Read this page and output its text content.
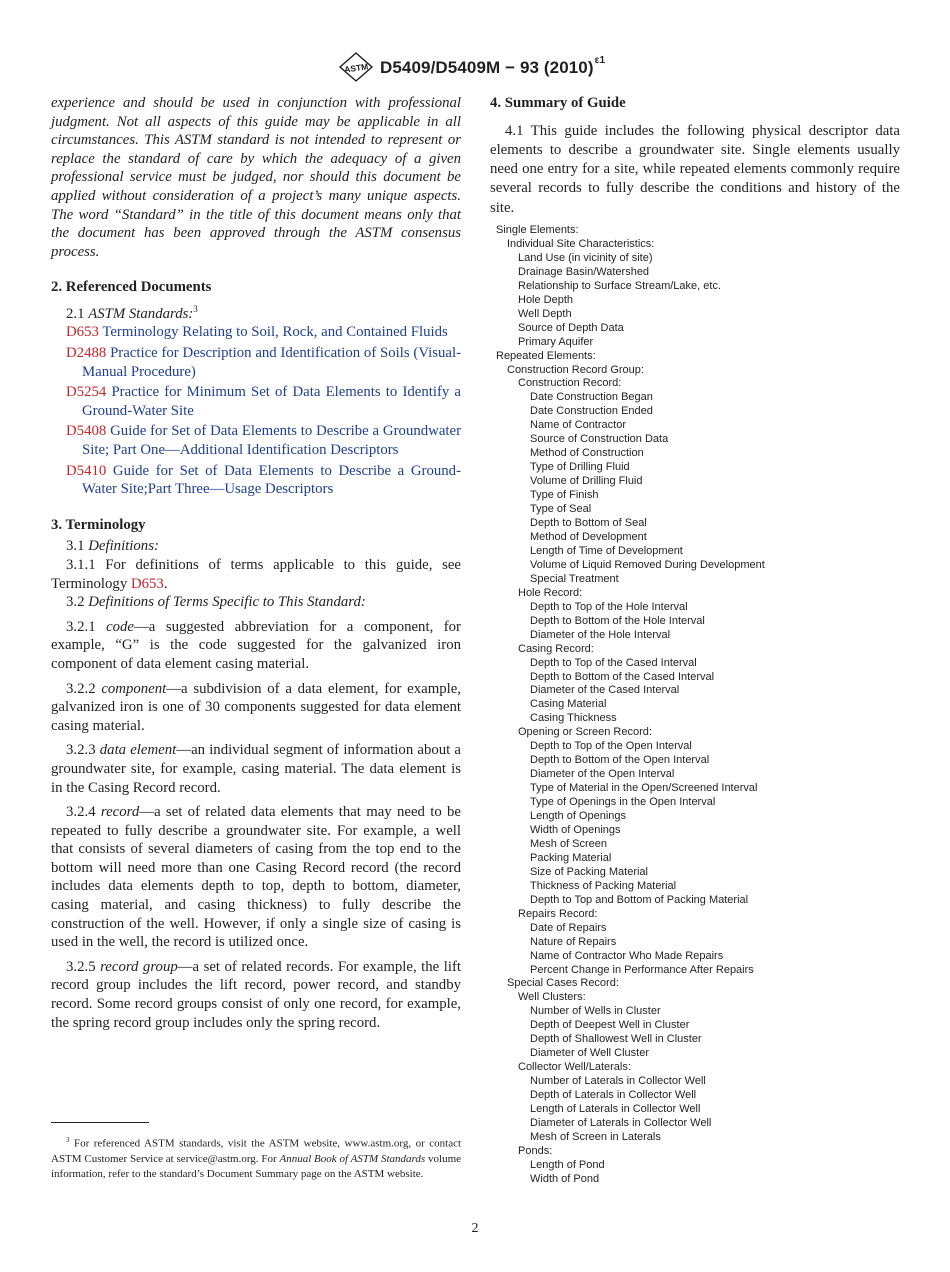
ASTM D5409/D5409M − 93 $(2010)^{\varepsilon 1}$

experience and should be used in conjunction with professional judgment. Not all aspects of this guide may be applicable in all circumstances. This ASTM standard is not intended to represent or replace the standard of care by which the adequacy of a given professional service must be judged, nor should this document be applied without consideration of a project’s many unique aspects. The word “Standard” in the title of this document means only that the document has been approved through the ASTM consensus process.

2. Referenced Documents

2.1 ASTM Standards:$^3$

D653 Terminology Relating to Soil, Rock, and Contained Fluids

D2488 Practice for Description and Identification of Soils (Visual-Manual Procedure)

D5254 Practice for Minimum Set of Data Elements to Identify a Ground-Water Site

D5408 Guide for Set of Data Elements to Describe a Groundwater Site; Part One—Additional Identification Descriptors

D5410 Guide for Set of Data Elements to Describe a Ground-Water Site;Part Three—Usage Descriptors

3. Terminology

3.1 Definitions:

3.1.1 For definitions of terms applicable to this guide, see Terminology D653.

3.2 Definitions of Terms Specific to This Standard:

3.2.1 code—a suggested abbreviation for a component, for example, “G” is the code suggested for the galvanized iron component of data element casing material.

3.2.2 component—a subdivision of a data element, for example, galvanized iron is one of 30 components suggested for data element casing material.

3.2.3 data element—an individual segment of information about a groundwater site, for example, casing material. The data element is in the Casing Record record.

3.2.4 record—a set of related data elements that may need to be repeated to fully describe a groundwater site. For example, a well that consists of several diameters of casing from the top end to the bottom will need more than one Casing Record record (the record includes data elements depth to top, depth to bottom, diameter, casing material, and casing thickness) to fully describe the construction of the well. However, if only a single size of casing is used in the well, the record is utilized once.

3.2.5 record group—a set of related records. For example, the lift record group includes the lift record, power record, and standby record. Some record groups consist of only one record, for example, the spring record group includes only the spring record.

$^3$ For referenced ASTM standards, visit the ASTM website, www.astm.org, or contact ASTM Customer Service at service@astm.org. For Annual Book of ASTM Standards volume information, refer to the standard’s Document Summary page on the ASTM website.

4. Summary of Guide

4.1 This guide includes the following physical descriptor data elements to describe a groundwater site. Single elements usually need one entry for a site, while repeated elements commonly require several records to fully describe the conditions and history of the site.

Single Elements:
Individual Site Characteristics:
Land Use (in vicinity of site)
Drainage Basin/Watershed
Relationship to Surface Stream/Lake, etc.
Hole Depth
Well Depth
Source of Depth Data
Primary Aquifer
Repeated Elements:
Construction Record Group:
Construction Record:
Date Construction Began
Date Construction Ended
Name of Contractor
Source of Construction Data
Method of Construction
Type of Drilling Fluid
Volume of Drilling Fluid
Type of Finish
Type of Seal
Depth to Bottom of Seal
Method of Development
Length of Time of Development
Volume of Liquid Removed During Development
Special Treatment
Hole Record:
Depth to Top of the Hole Interval
Depth to Bottom of the Hole Interval
Diameter of the Hole Interval
Casing Record:
Depth to Top of the Cased Interval
Depth to Bottom of the Cased Interval
Diameter of the Cased Interval
Casing Material
Casing Thickness
Opening or Screen Record:
Depth to Top of the Open Interval
Depth to Bottom of the Open Interval
Diameter of the Open Interval
Type of Material in the Open/Screened Interval
Type of Openings in the Open Interval
Length of Openings
Width of Openings
Mesh of Screen
Packing Material
Size of Packing Material
Thickness of Packing Material
Depth to Top and Bottom of Packing Material
Repairs Record:
Date of Repairs
Nature of Repairs
Name of Contractor Who Made Repairs
Percent Change in Performance After Repairs
Special Cases Record:
Well Clusters:
Number of Wells in Cluster
Depth of Deepest Well in Cluster
Depth of Shallowest Well in Cluster
Diameter of Well Cluster
Collector Well/Laterals:
Number of Laterals in Collector Well
Depth of Laterals in Collector Well
Length of Laterals in Collector Well
Diameter of Laterals in Collector Well
Mesh of Screen in Laterals
Ponds:
Length of Pond
Width of Pond
2
